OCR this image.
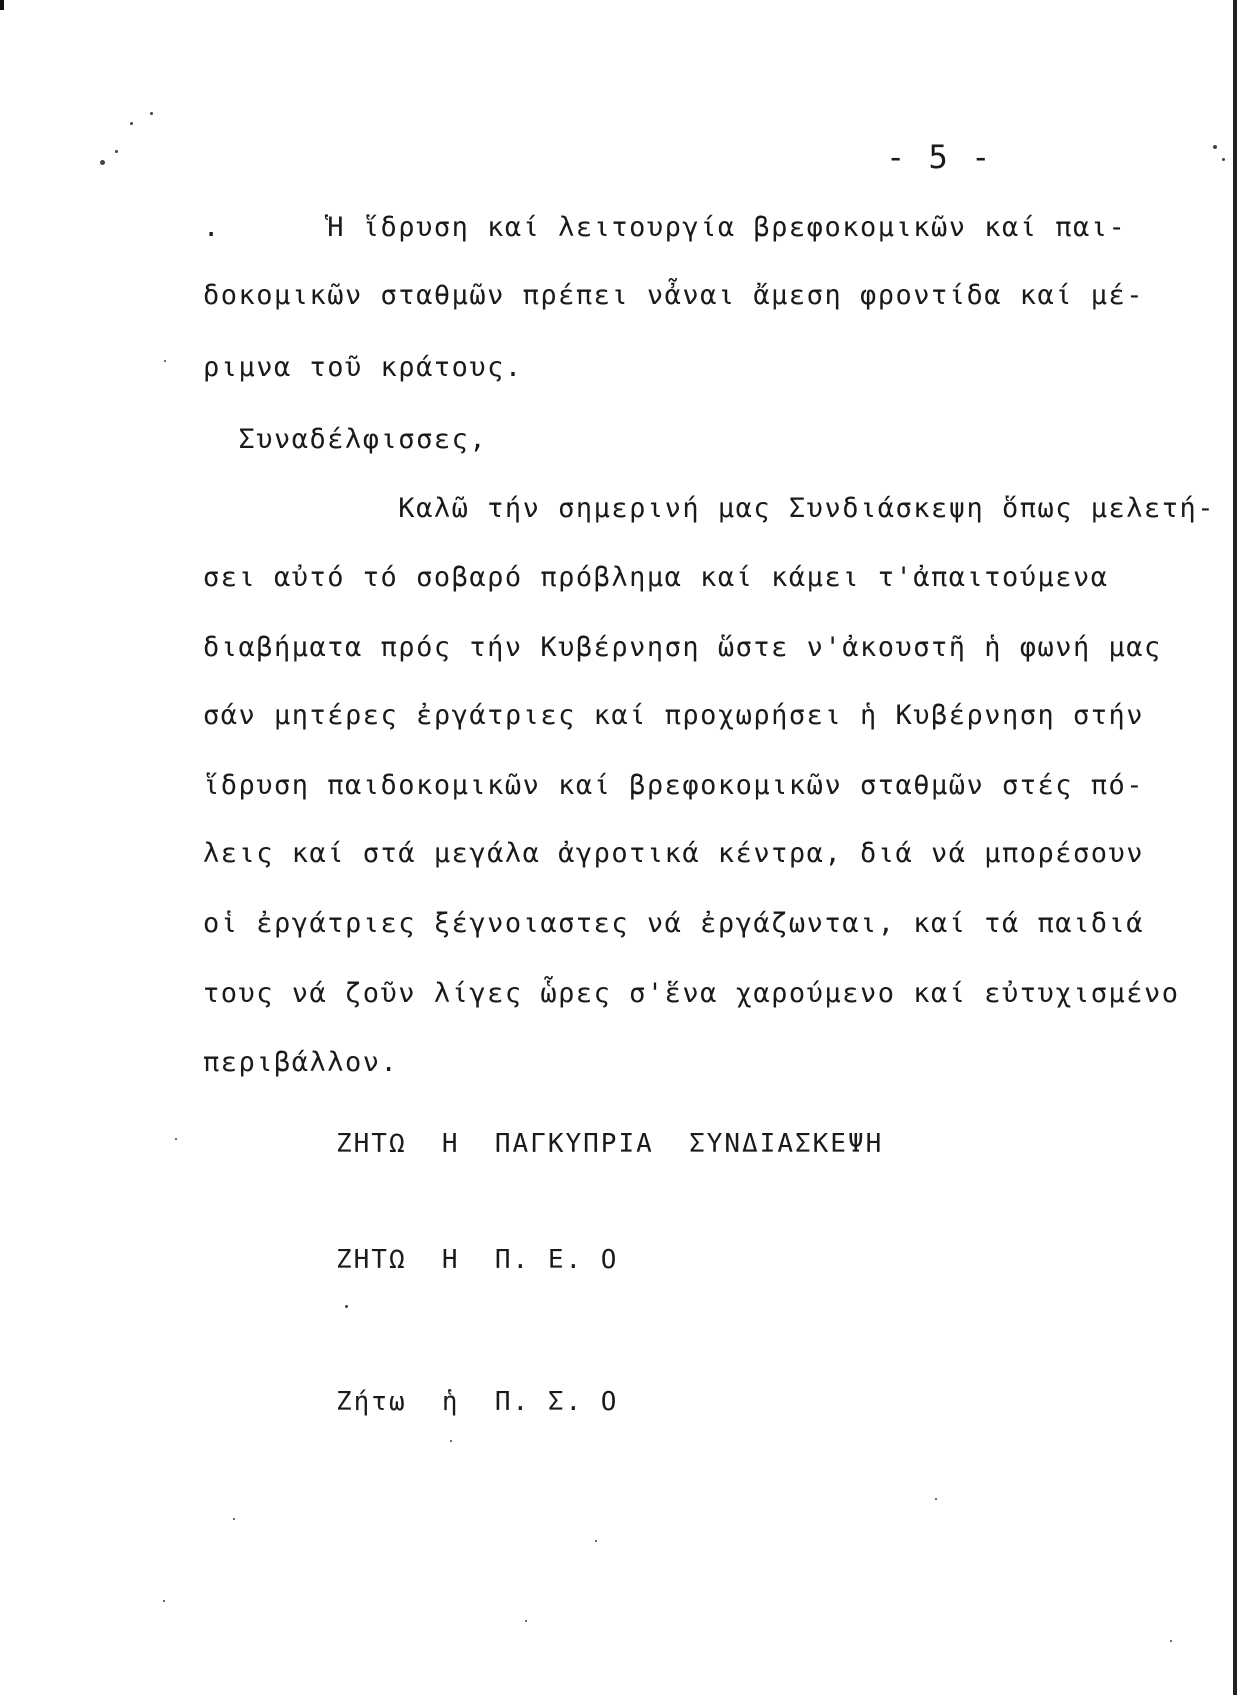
- 5 -
.      Ἡ ἵδρυση καί λειτουργία βρεφοκομικῶν καί παι-
δοκομικῶν σταθμῶν πρέπει νἆναι ἄμεση φροντίδα καί μέ-
ριμνα τοῦ κράτους.
Συναδέλφισσες,
Καλῶ τήν σημερινή μας Συνδιάσκεψη ὅπως μελετή-
σει αὐτό τό σοβαρό πρόβλημα καί κάμει τ'ἀπαιτούμενα
διαβήματα πρός τήν Κυβέρνηση ὥστε ν'ἀκουστῆ ἡ φωνή μας
σάν μητέρες ἐργάτριες καί προχωρήσει ἡ Κυβέρνηση στήν
ἵδρυση παιδοκομικῶν καί βρεφοκομικῶν σταθμῶν στές πό-
λεις καί στά μεγάλα ἀγροτικά κέντρα, διά νά μπορέσουν
οἱ ἐργάτριες ξέγνοιαστες νά ἐργάζωνται, καί τά παιδιά
τους νά ζοῦν λίγες ὧρες σ'ἕνα χαρούμενο καί εὐτυχισμένο
περιβάλλον.
ΖΗΤΩ  Η  ΠΑΓΚΥΠΡΙΑ  ΣΥΝΔΙΑΣΚΕΨΗ
ΖΗΤΩ  Η  Π. Ε. Ο
Ζήτω  ἡ  Π. Σ. Ο
